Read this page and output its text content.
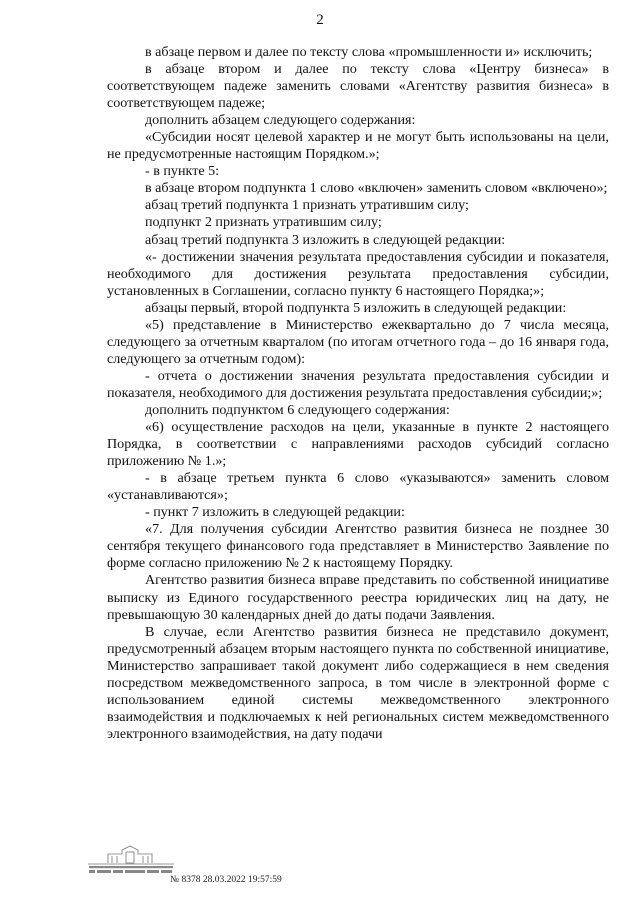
2

в абзаце первом и далее по тексту слова «промышленности и» исключить;

в абзаце втором и далее по тексту слова «Центру бизнеса» в соответствующем падеже заменить словами «Агентству развития бизнеса» в соответствующем падеже;

дополнить абзацем следующего содержания:

«Субсидии носят целевой характер и не могут быть использованы на цели, не предусмотренные настоящим Порядком.»;

- в пункте 5:

в абзаце втором подпункта 1 слово «включен» заменить словом «включено»;

абзац третий подпункта 1 признать утратившим силу;

подпункт 2 признать утратившим силу;

абзац третий подпункта 3 изложить в следующей редакции:

«- достижении значения результата предоставления субсидии и показателя, необходимого для достижения результата предоставления субсидии, установленных в Соглашении, согласно пункту 6 настоящего Порядка;»;

абзацы первый, второй подпункта 5 изложить в следующей редакции:

«5) представление в Министерство ежеквартально до 7 числа месяца, следующего за отчетным кварталом (по итогам отчетного года – до 16 января года, следующего за отчетным годом):

- отчета о достижении значения результата предоставления субсидии и показателя, необходимого для достижения результата предоставления субсидии;»;

дополнить подпунктом 6 следующего содержания:

«6) осуществление расходов на цели, указанные в пункте 2 настоящего Порядка, в соответствии с направлениями расходов субсидий согласно приложению № 1.»;

- в абзаце третьем пункта 6 слово «указываются» заменить словом «устанавливаются»;

- пункт 7 изложить в следующей редакции:

«7. Для получения субсидии Агентство развития бизнеса не позднее 30 сентября текущего финансового года представляет в Министерство Заявление по форме согласно приложению № 2 к настоящему Порядку.

Агентство развития бизнеса вправе представить по собственной инициативе выписку из Единого государственного реестра юридических лиц на дату, не превышающую 30 календарных дней до даты подачи Заявления.

В случае, если Агентство развития бизнеса не представило документ, предусмотренный абзацем вторым настоящего пункта по собственной инициативе, Министерство запрашивает такой документ либо содержащиеся в нем сведения посредством межведомственного запроса, в том числе в электронной форме с использованием единой системы межведомственного электронного взаимодействия и подключаемых к ней региональных систем межведомственного электронного взаимодействия, на дату подачи

№ 8378 28.03.2022 19:57:59
